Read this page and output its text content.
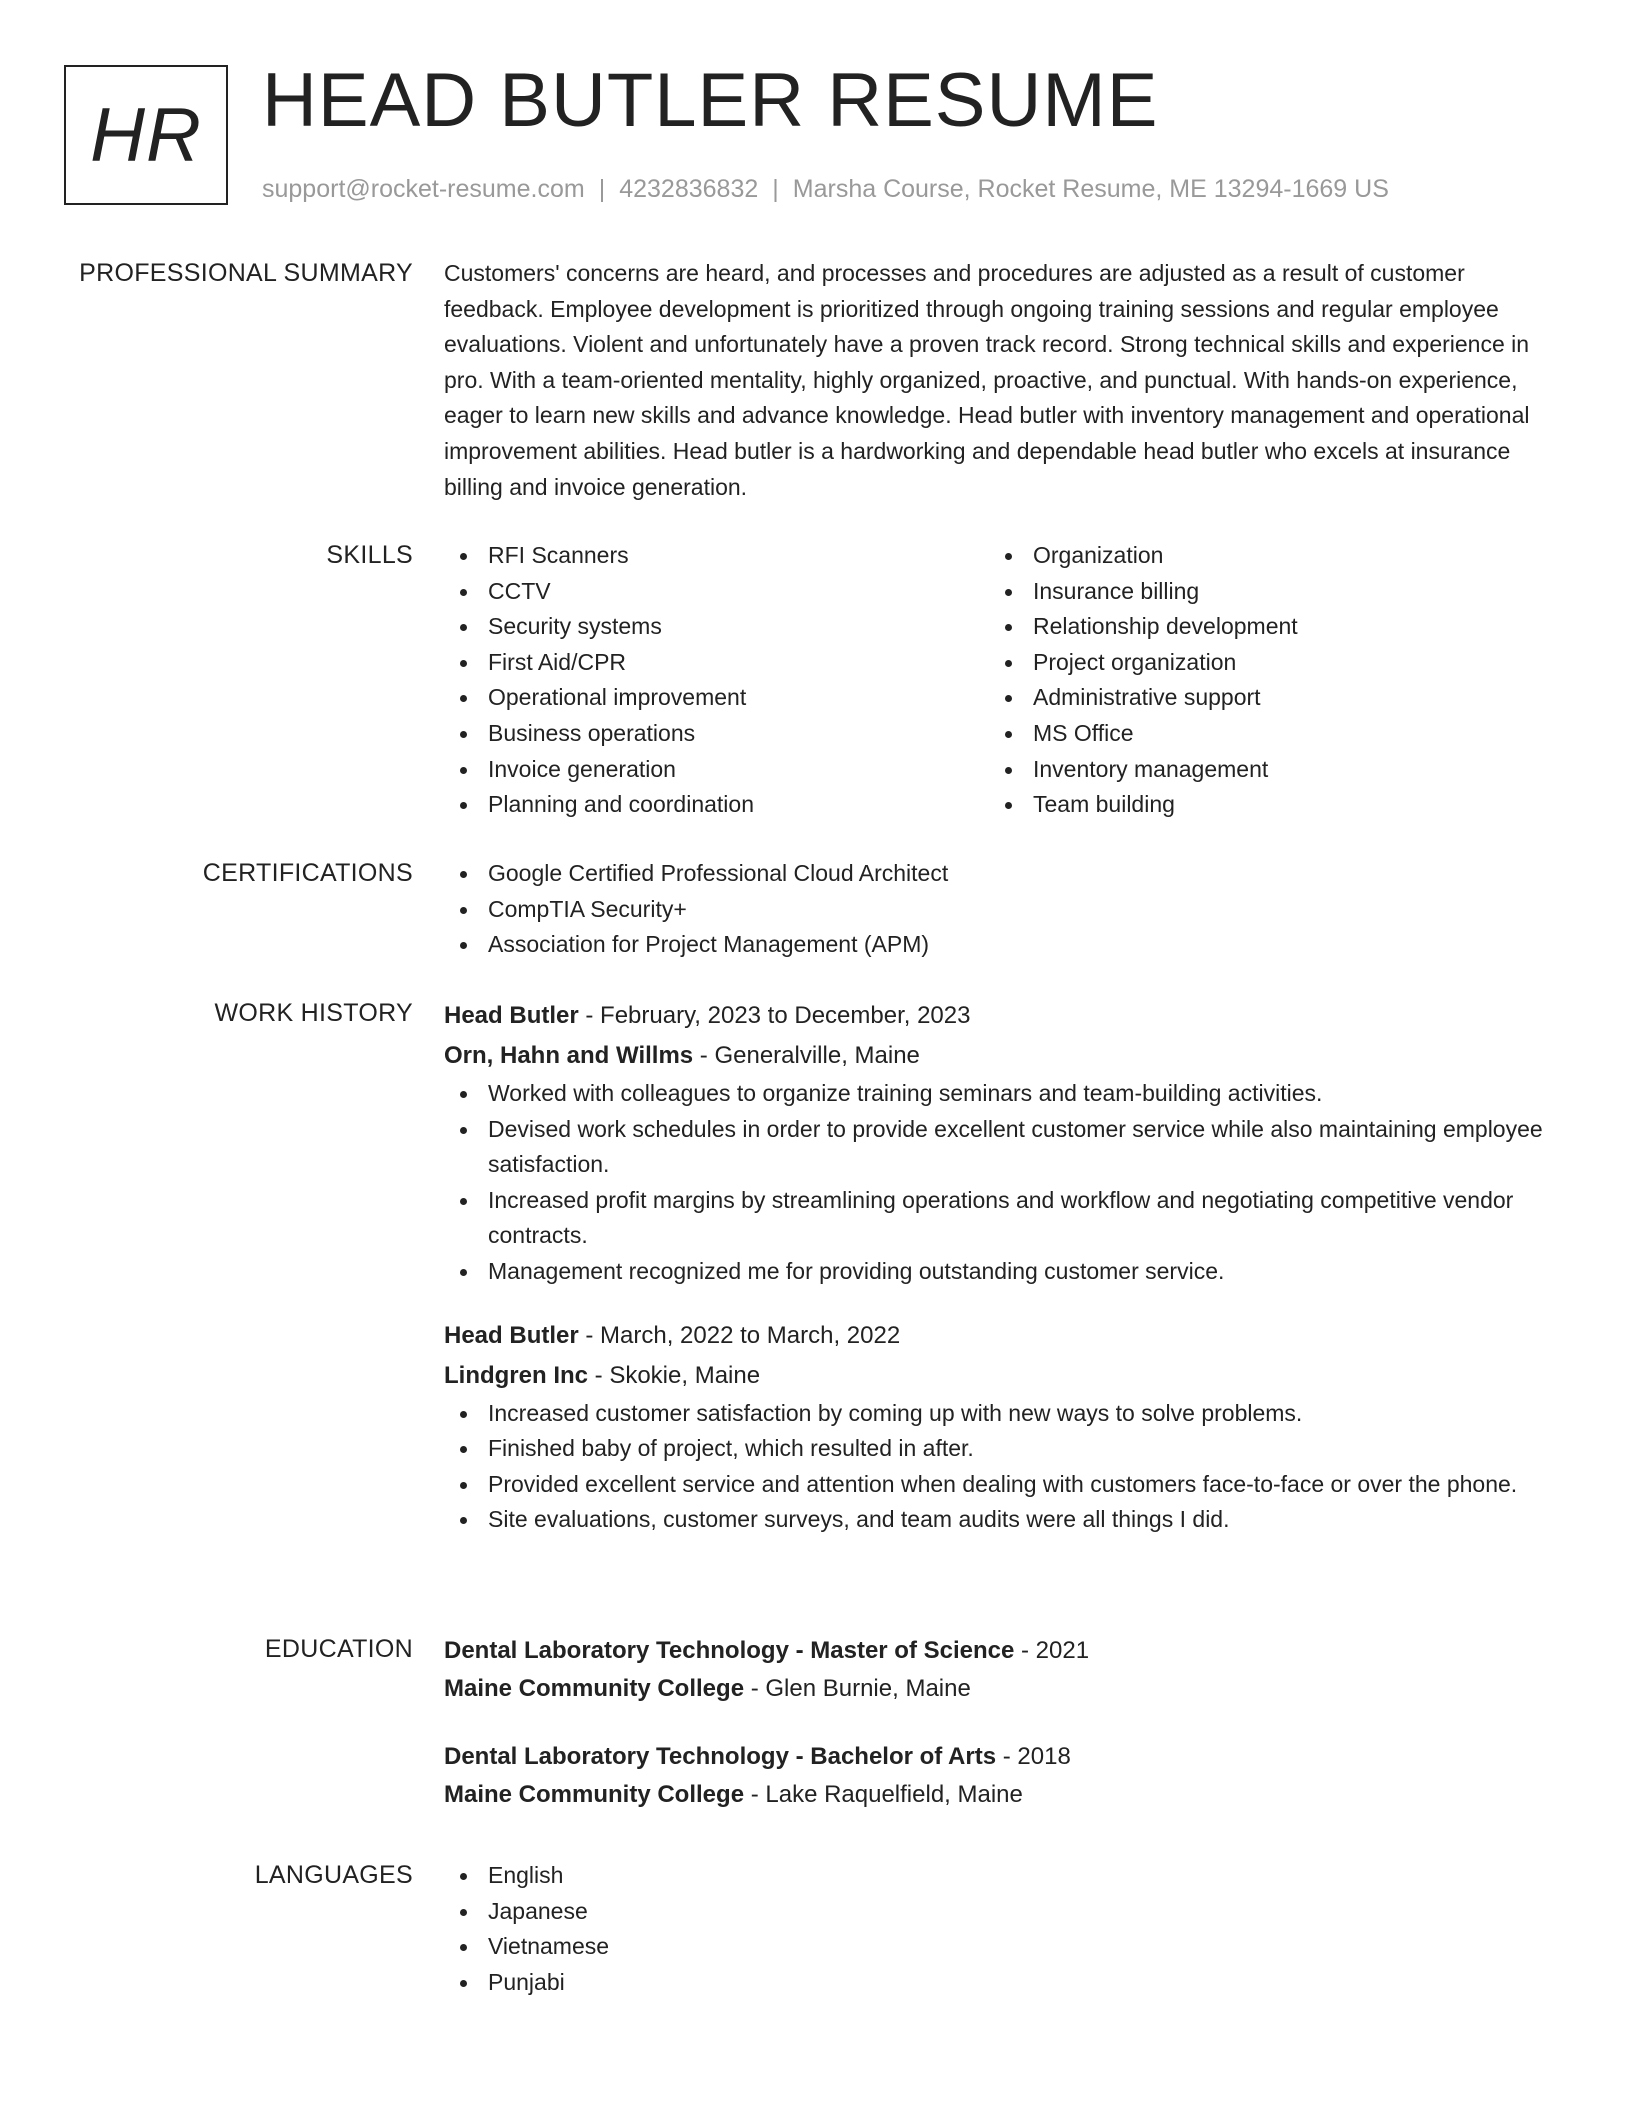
HR HEAD BUTLER RESUME
support@rocket-resume.com | 4232836832 | Marsha Course, Rocket Resume, ME 13294-1669 US
PROFESSIONAL SUMMARY Customers' concerns are heard, and processes and procedures are adjusted as a result of customer feedback. Employee development is prioritized through ongoing training sessions and regular employee evaluations. Violent and unfortunately have a proven track record. Strong technical skills and experience in pro. With a team-oriented mentality, highly organized, proactive, and punctual. With hands-on experience, eager to learn new skills and advance knowledge. Head butler with inventory management and operational improvement abilities. Head butler is a hardworking and dependable head butler who excels at insurance billing and invoice generation.

SKILLS	RFI Scanners
CCTV
Security systems
First Aid/CPR
Operational improvement
Business operations
Invoice generation
Planning and coordination
Organization
Insurance billing
Relationship development
Project organization
Administrative support
MS Office
Inventory management
Team building
CERTIFICATIONS	Google Certified Professional Cloud Architect
CompTIA Security+
Association for Project Management (APM)
WORK HISTORY Head Butler - February, 2023 to December, 2023
Orn, Hahn and Willms - Generalville, Maine
Worked with colleagues to organize training seminars and team-building activities.
Devised work schedules in order to provide excellent customer service while also maintaining employee satisfaction.
Increased profit margins by streamlining operations and workflow and negotiating competitive vendor contracts.
Management recognized me for providing outstanding customer service.
Head Butler - March, 2022 to March, 2022
Lindgren Inc - Skokie, Maine
Increased customer satisfaction by coming up with new ways to solve problems.
Finished baby of project, which resulted in after.
Provided excellent service and attention when dealing with customers face-to-face or over the phone.
Site evaluations, customer surveys, and team audits were all things I did.
EDUCATION Dental Laboratory Technology - Master of Science - 2021
Maine Community College - Glen Burnie, Maine
Dental Laboratory Technology - Bachelor of Arts - 2018
Maine Community College - Lake Raquelfield, Maine
LANGUAGES	English
Japanese
Vietnamese
Punjabi
